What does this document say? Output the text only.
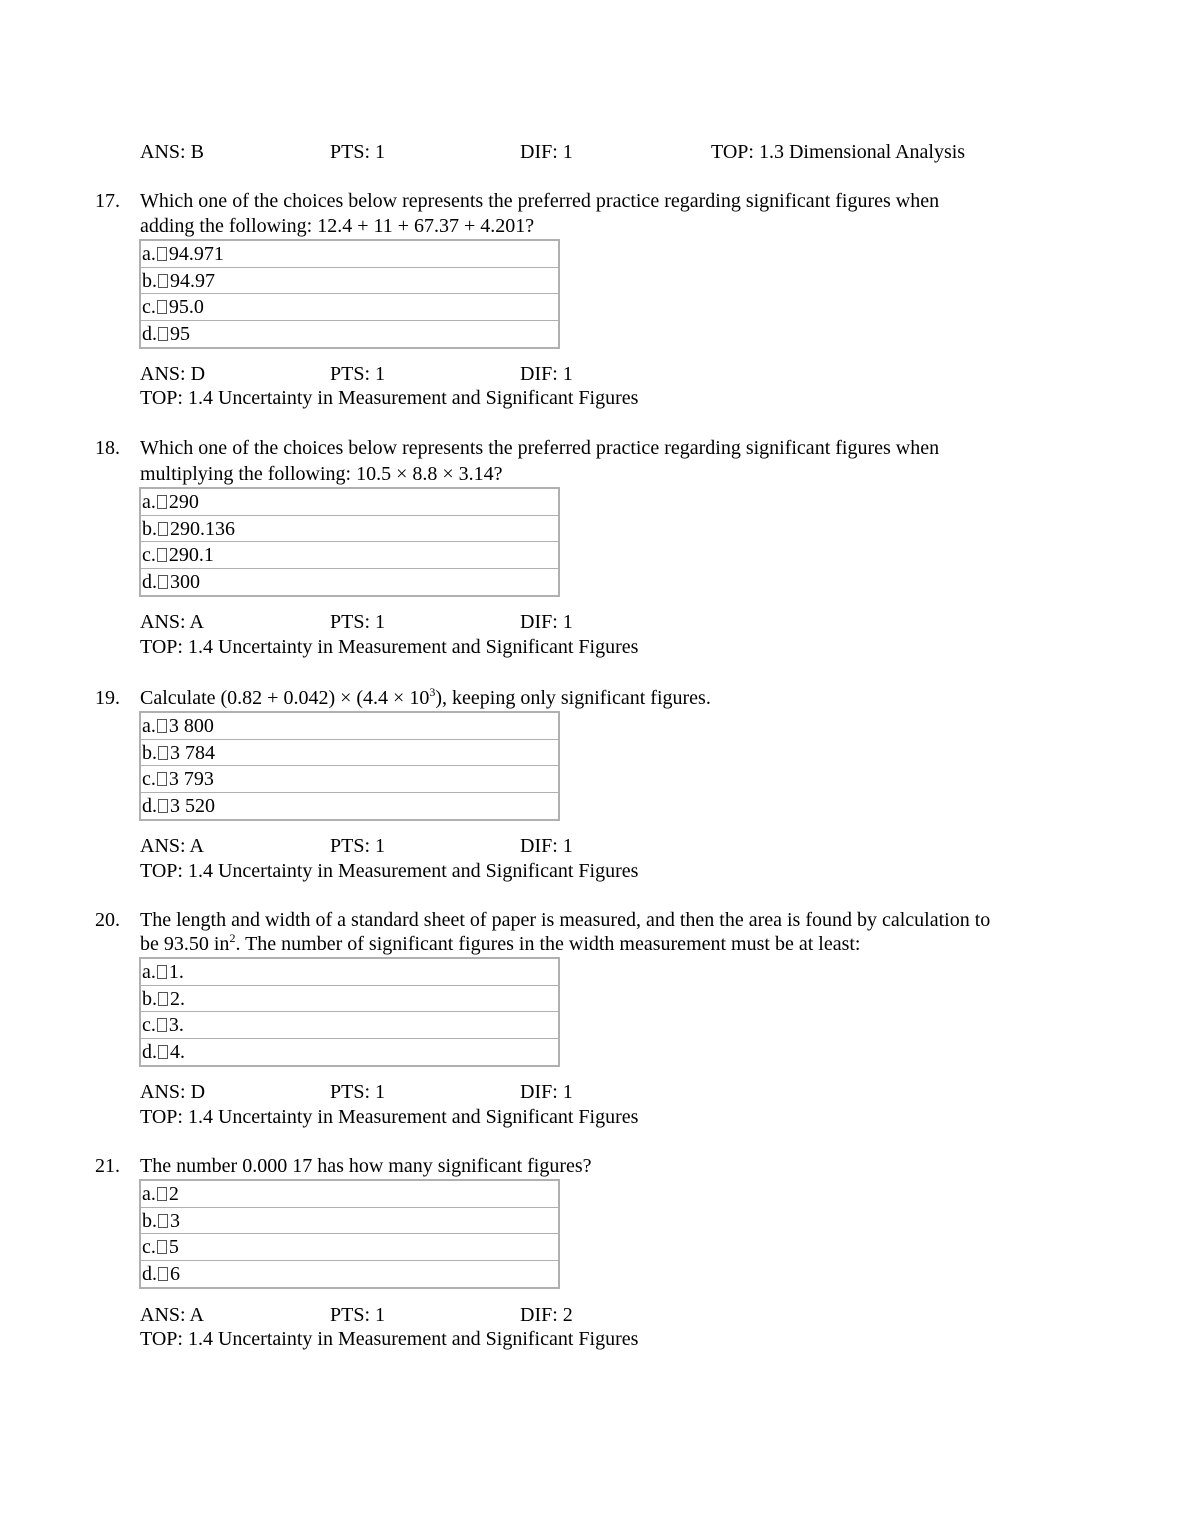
ANS: B	PTS: 1	DIF: 1	TOP: 1.3 Dimensional Analysis
17. Which one of the choices below represents the preferred practice regarding significant figures when
adding the following: 12.4 + 11 + 67.37 + 4.201?
a. 94.971
b. 94.97
c. 95.0
d. 95
ANS: D	PTS: 1	DIF: 1
TOP: 1.4 Uncertainty in Measurement and Significant Figures
18. Which one of the choices below represents the preferred practice regarding significant figures when
multiplying the following: 10.5 × 8.8 × 3.14?
a. 290
b. 290.136
c. 290.1
d. 300
ANS: A	PTS: 1	DIF: 1
TOP: 1.4 Uncertainty in Measurement and Significant Figures
19. Calculate $(0.82 + 0.042) \times (4.4 \times 10^3)$, keeping only significant figures.
a. 3 800
b. 3 784
c. 3 793
d. 3 520
ANS: A	PTS: 1	DIF: 1
TOP: 1.4 Uncertainty in Measurement and Significant Figures
20. The length and width of a standard sheet of paper is measured, and then the area is found by calculation to
be 93.50 $in^2$. The number of significant figures in the width measurement must be at least:
a. 1.
b. 2.
c. 3.
d. 4.
ANS: D	PTS: 1	DIF: 1
TOP: 1.4 Uncertainty in Measurement and Significant Figures
21. The number 0.000 17 has how many significant figures?
a. 2
b. 3
c. 5
d. 6
ANS: A	PTS: 1	DIF: 2
TOP: 1.4 Uncertainty in Measurement and Significant Figures
